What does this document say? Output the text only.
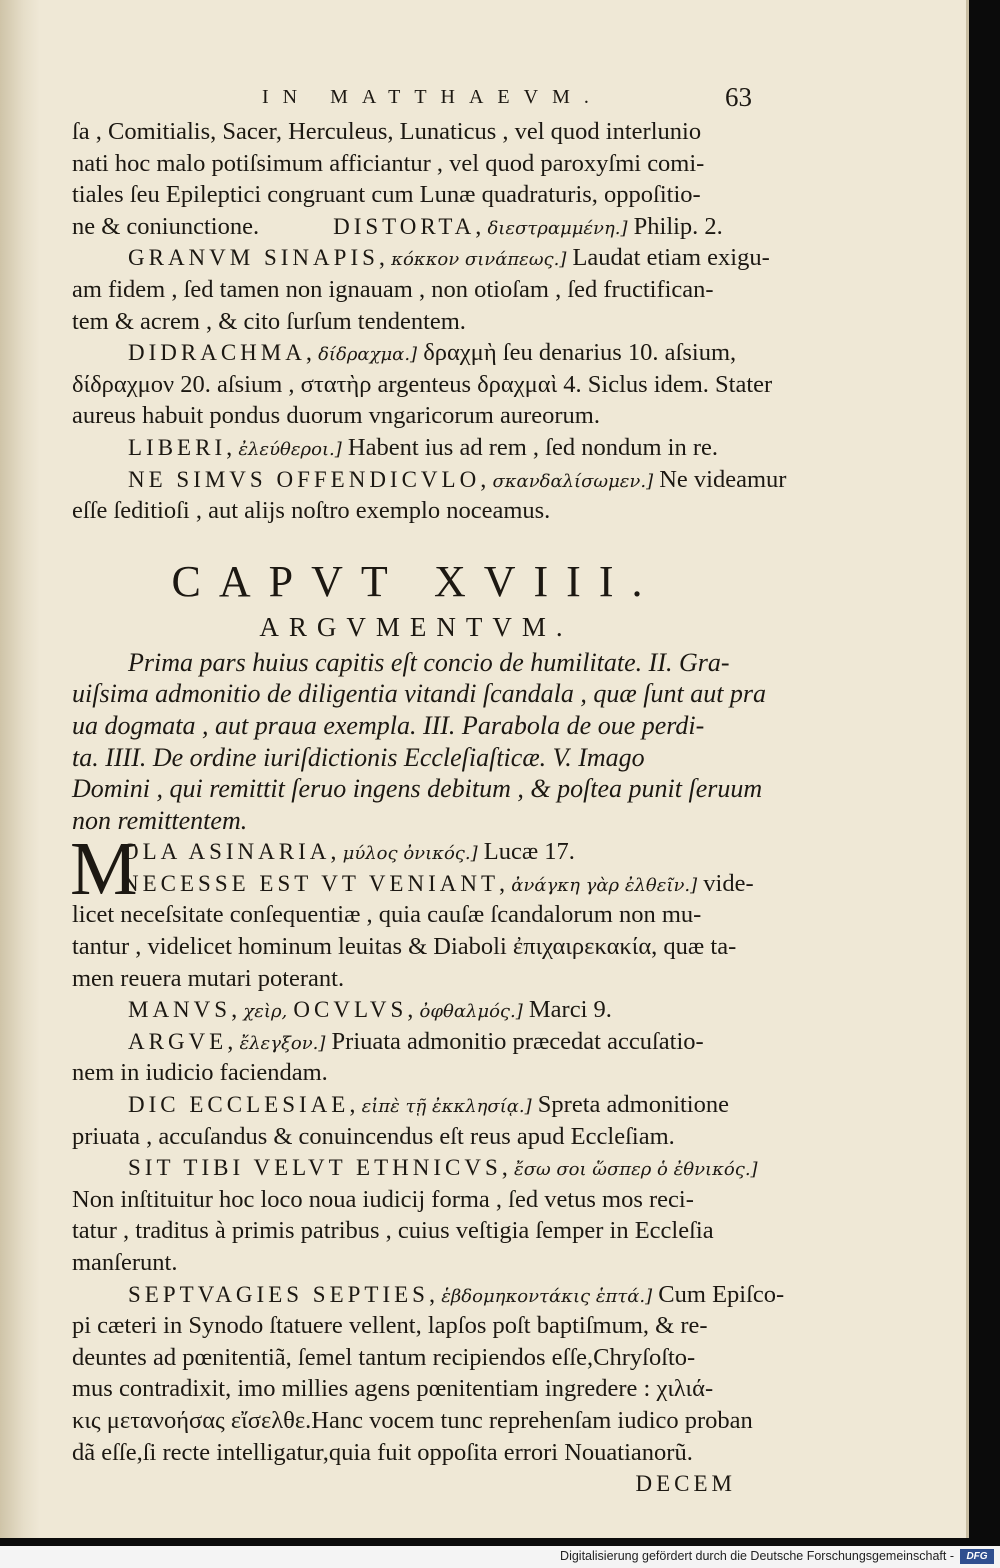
IN MATTHAEVM.	63
ſa , Comitialis, Sacer, Herculeus, Lunaticus , vel quod interlunio
nati hoc malo potiſsimum afficiantur , vel quod paroxyſmi comi-
tiales ſeu Epileptici congruant cum Lunæ quadraturis, oppoſitio-
ne & coniunctione.	DISTORTA, διεστραμμένη.] Philip. 2.
GRANVM SINAPIS, κόκκον σινάπεως.] Laudat etiam exigu-
am fidem , ſed tamen non ignauam , non otioſam , ſed fructifican-
tem & acrem , & cito ſurſum tendentem.
DIDRACHMA, δίδραχμα.] δραχμὴ ſeu denarius 10. aſsium,
δίδραχμον 20. aſsium , στατὴρ argenteus δραχμαὶ 4. Siclus idem. Stater
aureus habuit pondus duorum vngaricorum aureorum.
LIBERI, ἐλεύθεροι.] Habent ius ad rem , ſed nondum in re.
NE SIMVS OFFENDICVLO, σκανδαλίσωμεν.] Ne videamur
eſſe ſeditioſi , aut alijs noſtro exemplo noceamus.
CAPVT XVIII.
ARGVMENTVM.
Prima pars huius capitis eſt concio de humilitate. II. Gra-
uiſsima admonitio de diligentia vitandi ſcandala , quæ ſunt aut pra
ua dogmata , aut praua exempla. III. Parabola de oue perdi-
ta. IIII. De ordine iuriſdictionis Eccleſiaſticæ. V. Imago
Domini , qui remittit ſeruo ingens debitum , & poſtea punit ſeruum
non remittentem.
M
OLA ASINARIA, μύλος ὀνικός.] Lucæ 17.
NECESSE EST VT VENIANT, ἀνάγκη γὰρ ἐλθεῖν.] vide-
licet neceſsitate conſequentiæ , quia cauſæ ſcandalorum non mu-
tantur , videlicet hominum leuitas & Diaboli ἐπιχαιρεκακία, quæ ta-
men reuera mutari poterant.
MANVS, χεὶρ, OCVLVS, ὀφθαλμός.] Marci 9.
ARGVE, ἔλεγξον.] Priuata admonitio præcedat accuſatio-
nem in iudicio faciendam.
DIC ECCLESIAE, εἰπὲ τῇ ἐκκλησίᾳ.] Spreta admonitione
priuata , accuſandus & conuincendus eſt reus apud Eccleſiam.
SIT TIBI VELVT ETHNICVS, ἔσω σοι ὥσπερ ὁ ἐθνικός.]
Non inſtituitur hoc loco noua iudicij forma , ſed vetus mos reci-
tatur , traditus à primis patribus , cuius veſtigia ſemper in Eccleſia
manſerunt.
SEPTVAGIES SEPTIES, ἑβδομηκοντάκις ἑπτά.] Cum Epiſco-
pi cæteri in Synodo ſtatuere vellent, lapſos poſt baptiſmum, & re-
deuntes ad pœnitentiã, ſemel tantum recipiendos eſſe,Chryſoſto-
mus contradixit, imo millies agens pœnitentiam ingredere : χιλιά-
κις μετανοήσας εἴσελθε.Hanc vocem tunc reprehenſam iudico proban
dã eſſe,ſi recte intelligatur,quia fuit oppoſita errori Nouatianorũ.
DECEM
Digitalisierung gefördert durch die Deutsche Forschungsgemeinschaft -	DFG
